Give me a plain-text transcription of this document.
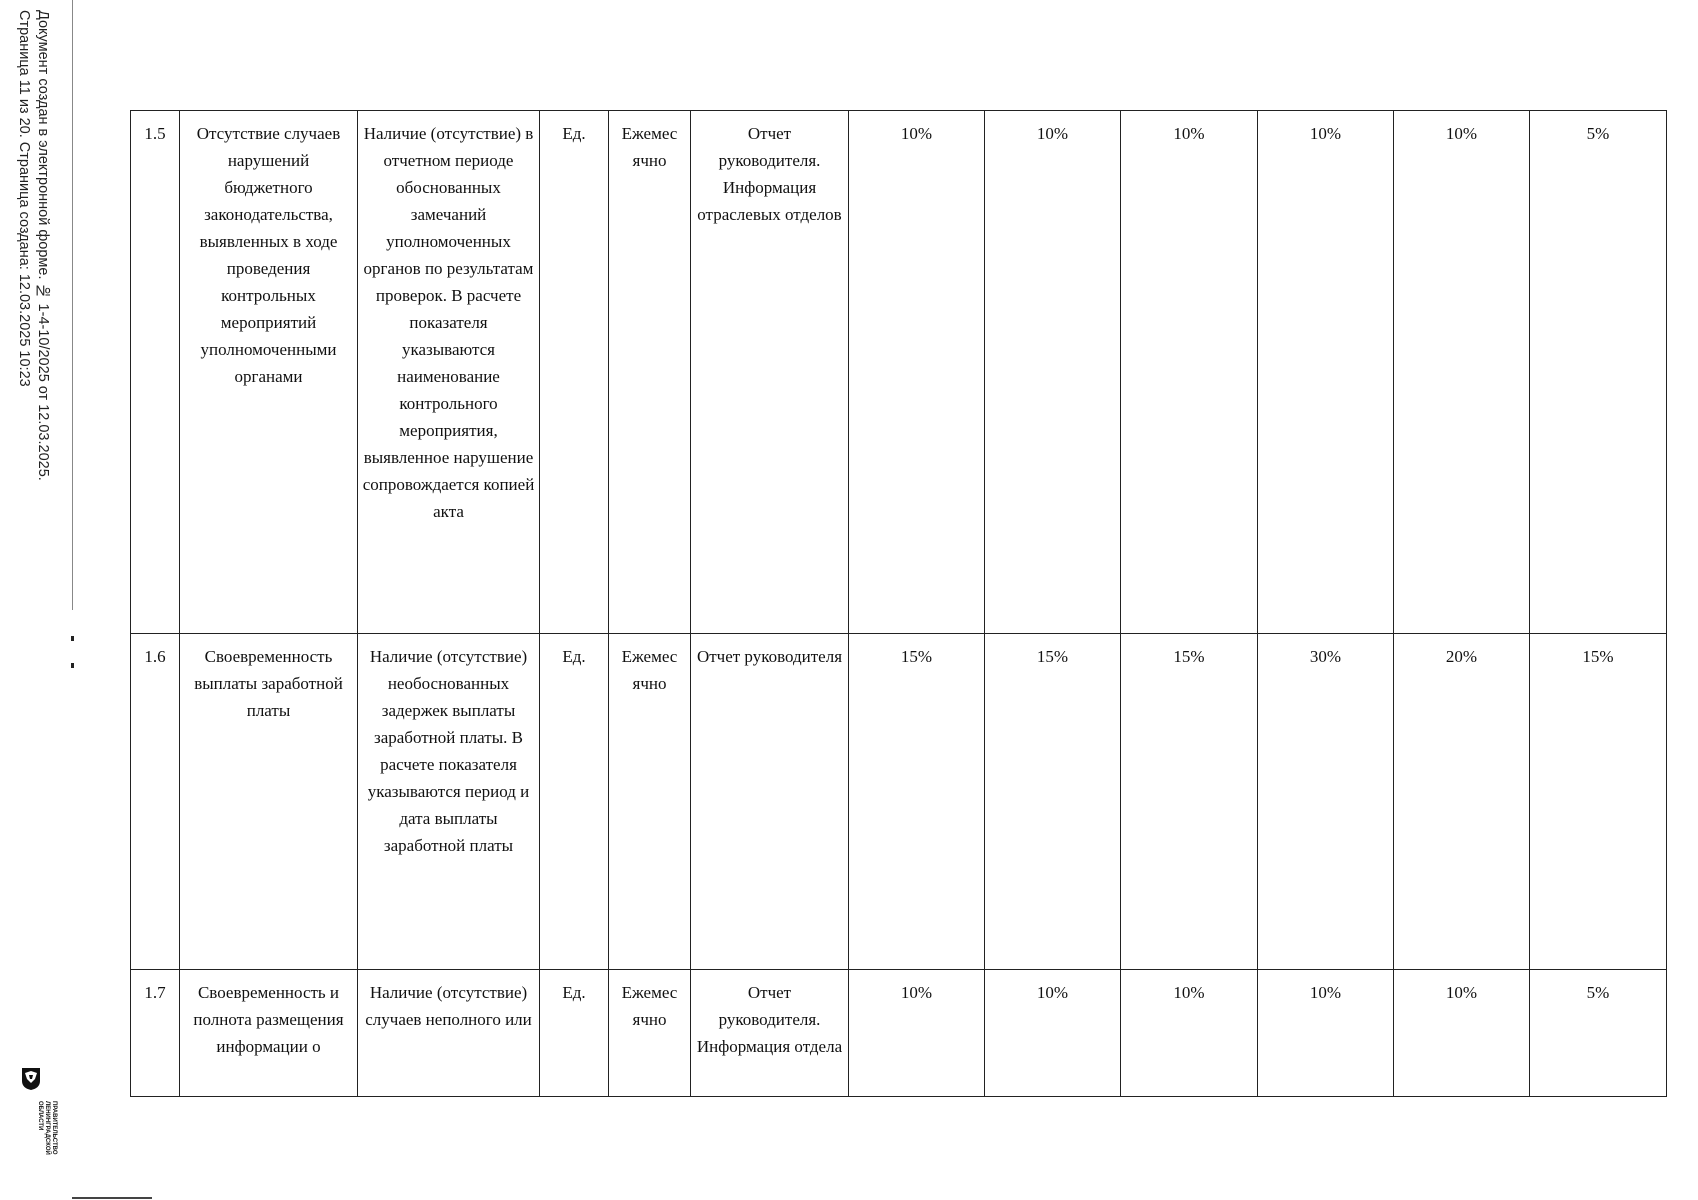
Документ создан в электронной форме. № 1-4-10/2025 от 12.03.2025.
Страница 11 из 20. Страница создана: 12.03.2025 10:23
ПРАВИТЕЛЬСТВО
ЛЕНИНГРАДСКОЙ
ОБЛАСТИ
1.5	Отсутствие случаев нарушений бюджетного законодательства, выявленных в ходе проведения контрольных мероприятий уполномоченными органами	Наличие (отсутствие) в отчетном периоде обоснованных замечаний уполномоченных органов по результатам проверок. В расчете показателя указываются наименование контрольного мероприятия, выявленное нарушение сопровождается копией акта	Ед.	Ежемес ячно	Отчет руководителя. Информация отраслевых отделов	10%	10%	10%	10%	10%	5%
1.6	Своевременность выплаты заработной платы	Наличие (отсутствие) необоснованных задержек выплаты заработной платы. В расчете показателя указываются период и дата выплаты заработной платы	Ед.	Ежемес ячно	Отчет руководителя	15%	15%	15%	30%	20%	15%
1.7	Своевременность и полнота размещения информации о	Наличие (отсутствие) случаев неполного или	Ед.	Ежемес ячно	Отчет руководителя. Информация отдела	10%	10%	10%	10%	10%	5%
